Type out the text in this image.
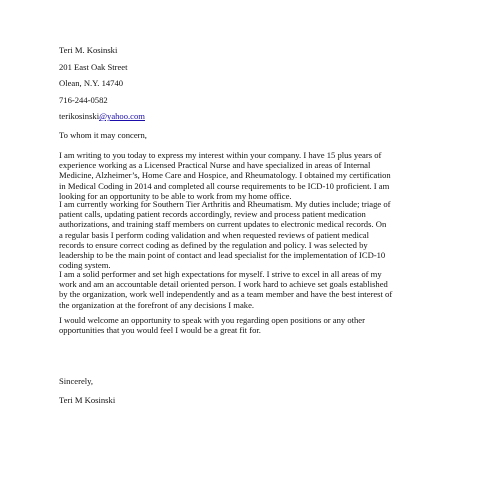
Teri M. Kosinski
201 East Oak Street
Olean, N.Y. 14740
716-244-0582
terikosinski@yahoo.com
To whom it may concern,
I am writing to you today to express my interest within your company. I have 15 plus years of
experience working as a Licensed Practical Nurse and have specialized in areas of Internal
Medicine, Alzheimer’s, Home Care and Hospice, and Rheumatology. I obtained my certification
in Medical Coding in 2014 and completed all course requirements to be ICD-10 proficient. I am
looking for an opportunity to be able to work from my home office.
I am currently working for Southern Tier Arthritis and Rheumatism. My duties include; triage of
patient calls, updating patient records accordingly, review and process patient medication
authorizations, and training staff members on current updates to electronic medical records. On
a regular basis I perform coding validation and when requested reviews of patient medical
records to ensure correct coding as defined by the regulation and policy. I was selected by
leadership to be the main point of contact and lead specialist for the implementation of ICD-10
coding system.
I am a solid performer and set high expectations for myself. I strive to excel in all areas of my
work and am an accountable detail oriented person. I work hard to achieve set goals established
by the organization, work well independently and as a team member and have the best interest of
the organization at the forefront of any decisions I make.
I would welcome an opportunity to speak with you regarding open positions or any other
opportunities that you would feel I would be a great fit for.
Sincerely,
Teri M Kosinski
